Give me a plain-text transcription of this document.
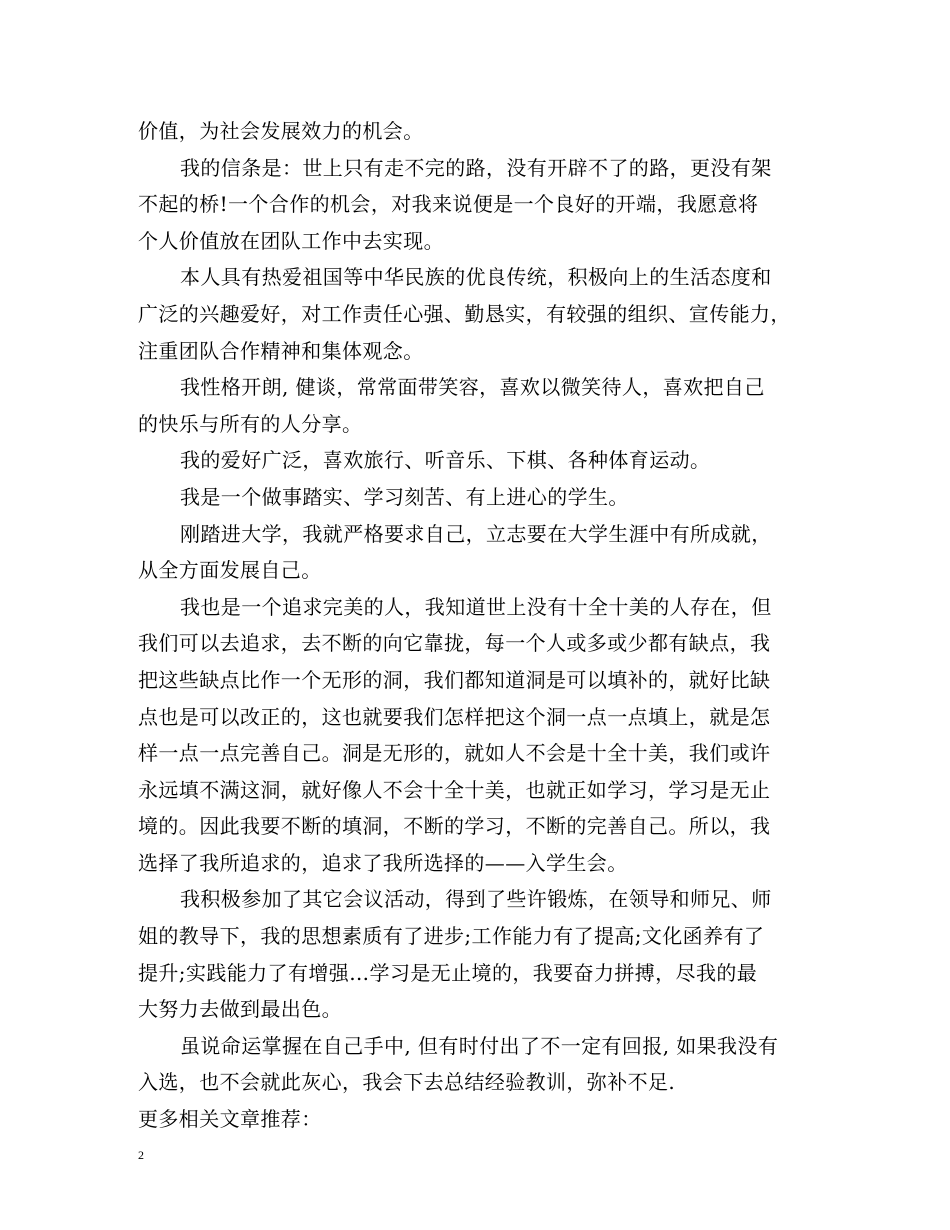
价值，为社会发展效力的机会。
我的信条是：世上只有走不完的路，没有开辟不了的路，更没有架
不起的桥!一个合作的机会，对我来说便是一个良好的开端，我愿意将
个人价值放在团队工作中去实现。
本人具有热爱祖国等中华民族的优良传统，积极向上的生活态度和
广泛的兴趣爱好，对工作责任心强、勤恳实，有较强的组织、宣传能力，
注重团队合作精神和集体观念。
我性格开朗, 健谈，常常面带笑容，喜欢以微笑待人，喜欢把自己
的快乐与所有的人分享。
我的爱好广泛，喜欢旅行、听音乐、下棋、各种体育运动。
我是一个做事踏实、学习刻苦、有上进心的学生。
刚踏进大学，我就严格要求自己，立志要在大学生涯中有所成就，
从全方面发展自己。
我也是一个追求完美的人，我知道世上没有十全十美的人存在，但
我们可以去追求，去不断的向它靠拢，每一个人或多或少都有缺点，我
把这些缺点比作一个无形的洞，我们都知道洞是可以填补的，就好比缺
点也是可以改正的，这也就要我们怎样把这个洞一点一点填上，就是怎
样一点一点完善自己。洞是无形的，就如人不会是十全十美，我们或许
永远填不满这洞，就好像人不会十全十美，也就正如学习，学习是无止
境的。因此我要不断的填洞，不断的学习，不断的完善自己。所以，我
选择了我所追求的，追求了我所选择的——入学生会。
我积极参加了其它会议活动，得到了些许锻炼，在领导和师兄、师
姐的教导下，我的思想素质有了进步;工作能力有了提高;文化函养有了
提升;实践能力了有增强…学习是无止境的，我要奋力拼搏，尽我的最
大努力去做到最出色。
虽说命运掌握在自己手中, 但有时付出了不一定有回报, 如果我没有
入选，也不会就此灰心，我会下去总结经验教训，弥补不足.
更多相关文章推荐：
2
